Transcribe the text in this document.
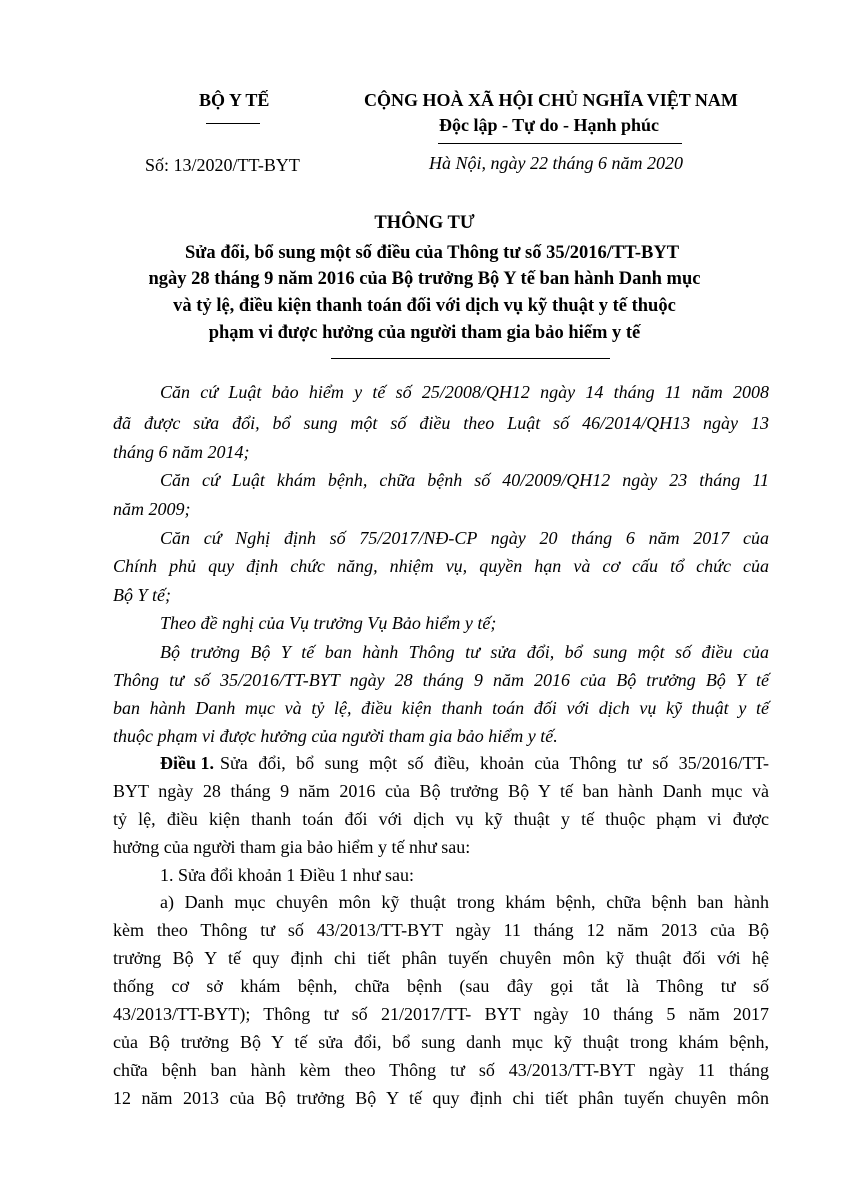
BỘ Y TẾ
Số: 13/2020/TT-BYT
CỘNG HOÀ XÃ HỘI CHỦ NGHĨA VIỆT NAM
Độc lập - Tự do - Hạnh phúc
Hà Nội, ngày 22 tháng 6 năm 2020
THÔNG TƯ
Sửa đổi, bổ sung một số điều của Thông tư số 35/2016/TT-BYT
ngày 28 tháng 9 năm 2016 của Bộ trưởng Bộ Y tế ban hành Danh mục
và tỷ lệ, điều kiện thanh toán đối với dịch vụ kỹ thuật y tế thuộc
phạm vi được hưởng của người tham gia bảo hiểm y tế
Căn cứ Luật bảo hiểm y tế số 25/2008/QH12 ngày 14 tháng 11 năm 2008
đã được sửa đổi, bổ sung một số điều theo Luật số 46/2014/QH13 ngày 13
tháng 6 năm 2014;
Căn cứ Luật khám bệnh, chữa bệnh số 40/2009/QH12 ngày 23 tháng 11
năm 2009;
Căn cứ Nghị định số 75/2017/NĐ-CP ngày 20 tháng 6 năm 2017 của
Chính phủ quy định chức năng, nhiệm vụ, quyền hạn và cơ cấu tổ chức của
Bộ Y tế;
Theo đề nghị của Vụ trưởng Vụ Bảo hiểm y tế;
Bộ trưởng Bộ Y tế ban hành Thông tư sửa đổi, bổ sung một số điều của
Thông tư số 35/2016/TT-BYT ngày 28 tháng 9 năm 2016 của Bộ trưởng Bộ Y tế
ban hành Danh mục và tỷ lệ, điều kiện thanh toán đối với dịch vụ kỹ thuật y tế
thuộc phạm vi được hưởng của người tham gia bảo hiểm y tế.
Điều 1. Sửa đổi, bổ sung một số điều, khoản của Thông tư số 35/2016/TT-
BYT ngày 28 tháng 9 năm 2016 của Bộ trưởng Bộ Y tế ban hành Danh mục và
tỷ lệ, điều kiện thanh toán đối với dịch vụ kỹ thuật y tế thuộc phạm vi được
hưởng của người tham gia bảo hiểm y tế như sau:
1. Sửa đổi khoản 1 Điều 1 như sau:
a) Danh mục chuyên môn kỹ thuật trong khám bệnh, chữa bệnh ban hành
kèm theo Thông tư số 43/2013/TT-BYT ngày 11 tháng 12 năm 2013 của Bộ
trưởng Bộ Y tế quy định chi tiết phân tuyến chuyên môn kỹ thuật đối với hệ
thống cơ sở khám bệnh, chữa bệnh (sau đây gọi tắt là Thông tư số
43/2013/TT-BYT); Thông tư số 21/2017/TT- BYT ngày 10 tháng 5 năm 2017
của Bộ trưởng Bộ Y tế sửa đổi, bổ sung danh mục kỹ thuật trong khám bệnh,
chữa bệnh ban hành kèm theo Thông tư số 43/2013/TT-BYT ngày 11 tháng
12 năm 2013 của Bộ trưởng Bộ Y tế quy định chi tiết phân tuyến chuyên môn
